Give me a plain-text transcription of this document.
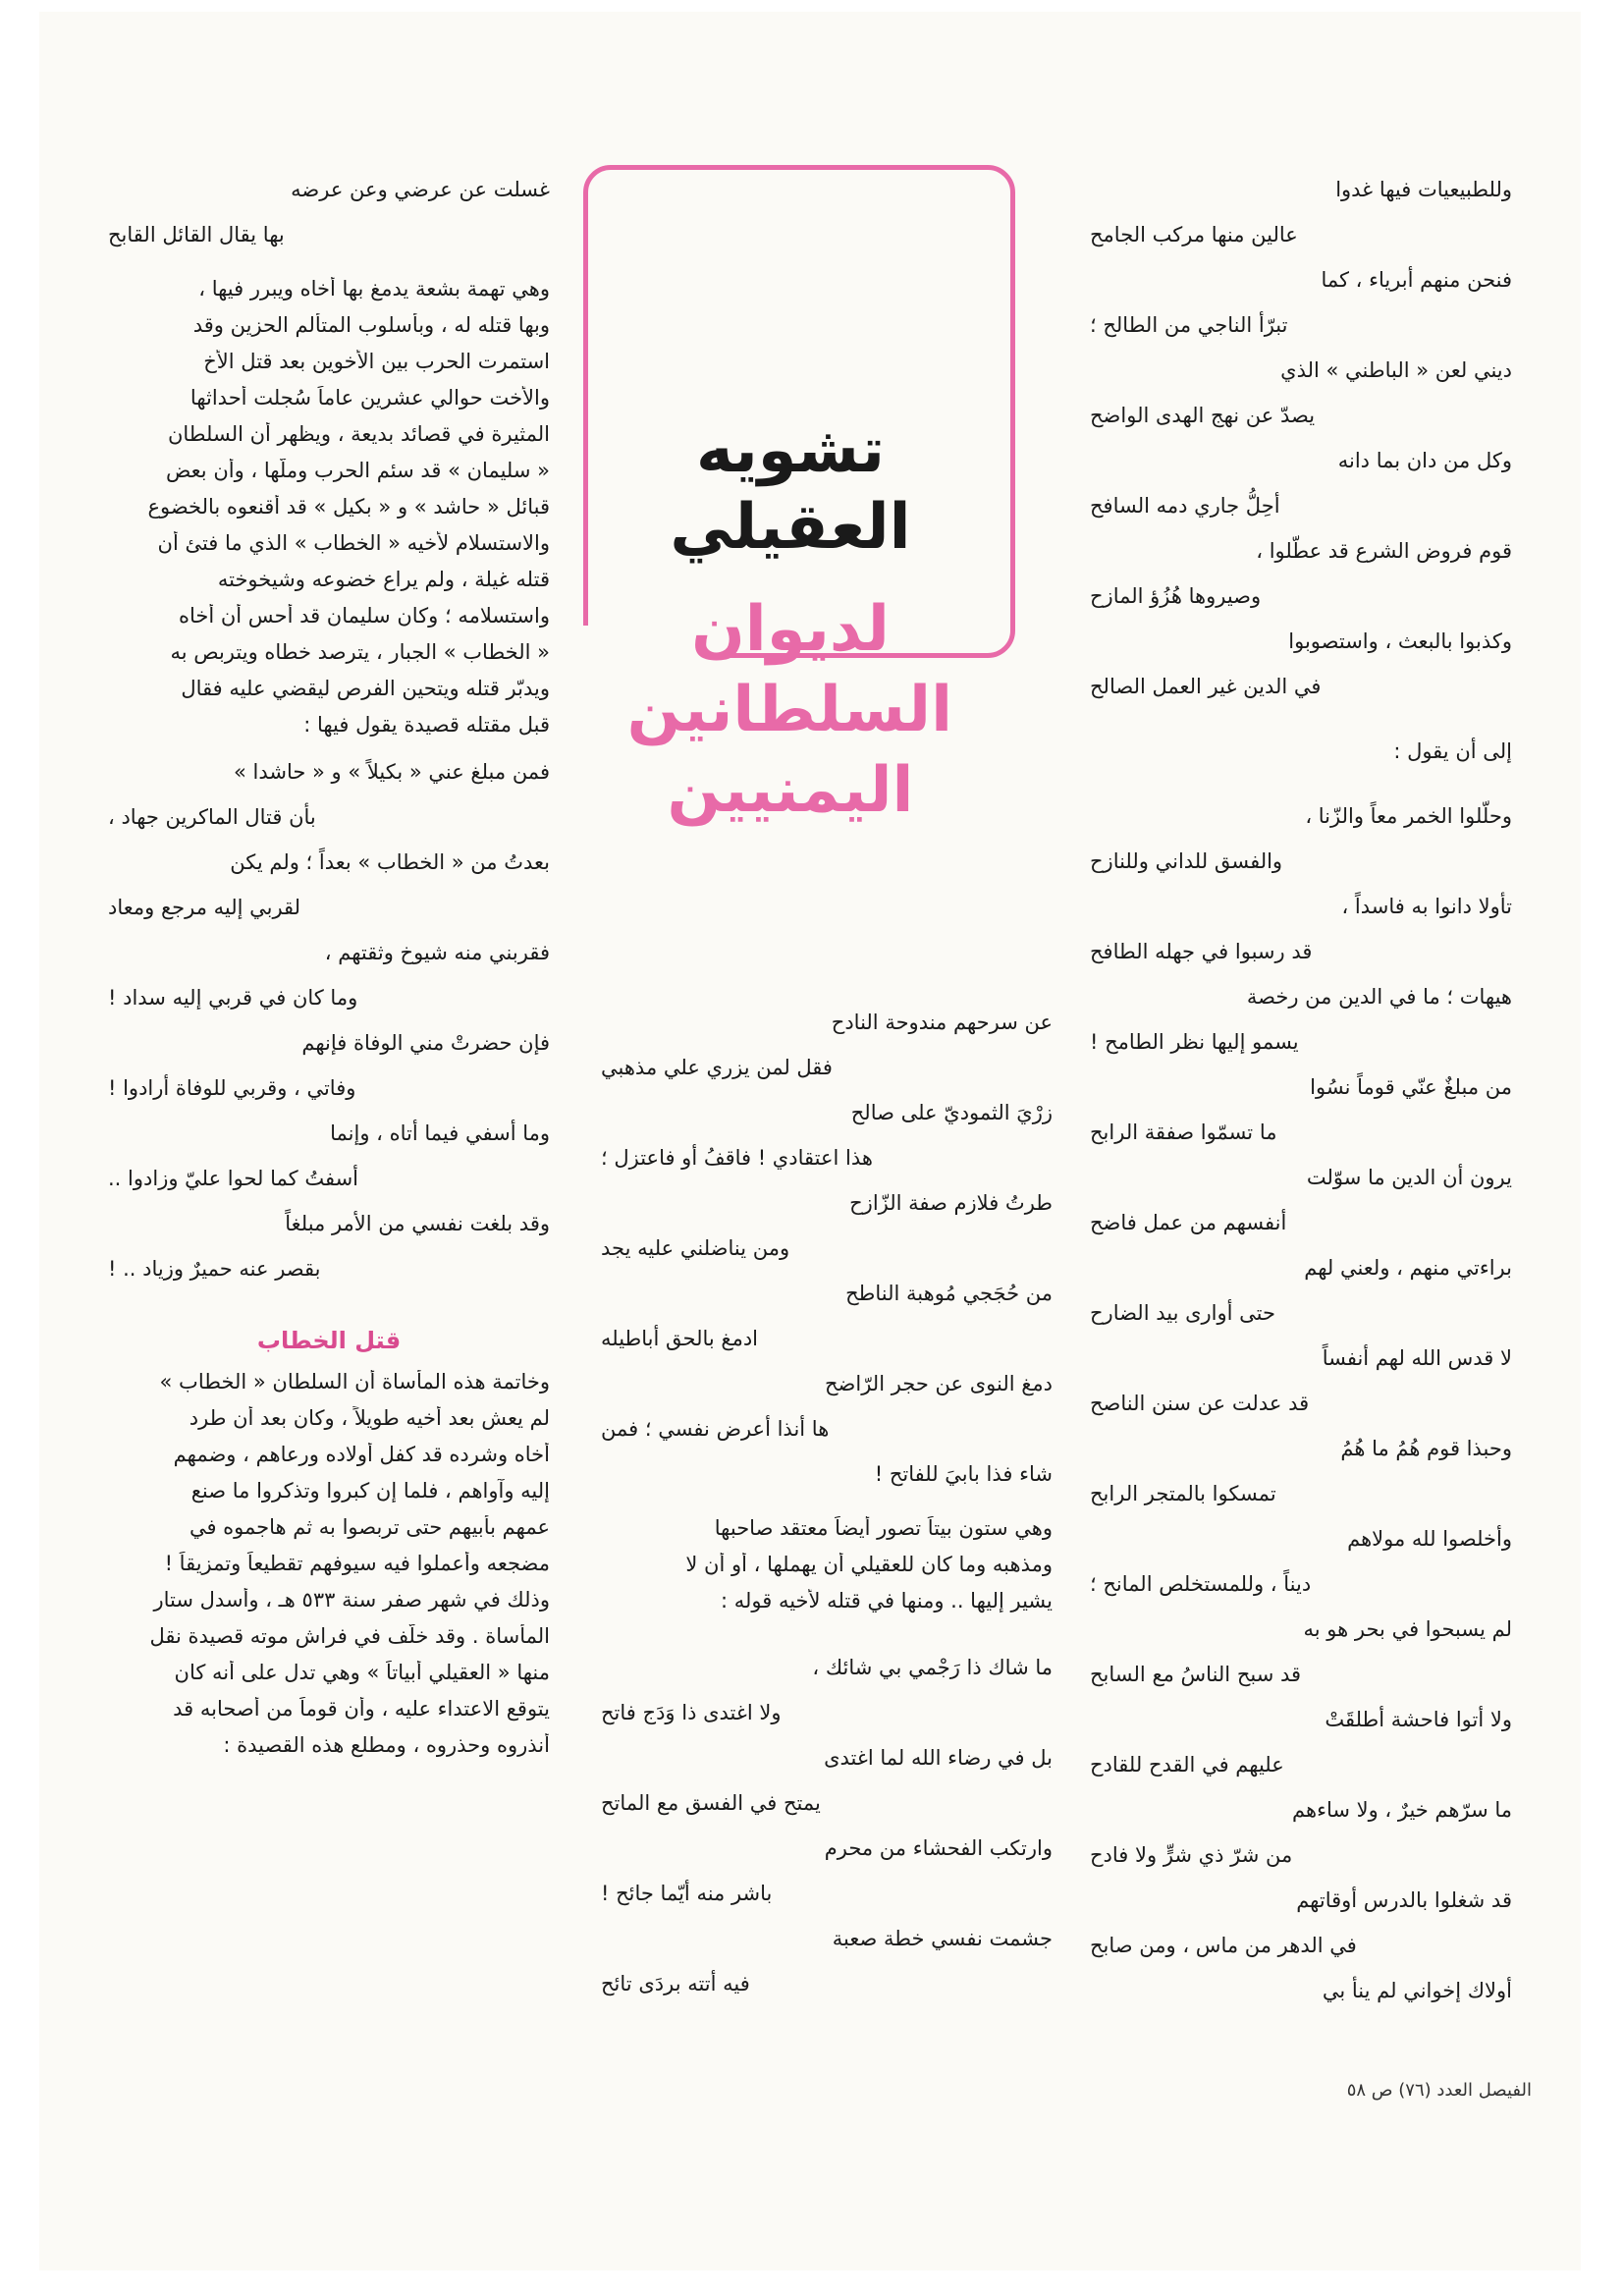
تشويه
العقيلي
لديوان
السلطانين
اليمنيين

وللطبيعيات فيها غدوا

عالين منها مركب الجامح

فنحن منهم أبرياء ، كما

تبرّأ الناجي من الطالح ؛

ديني لعن « الباطني » الذي

يصدّ عن نهج الهدى الواضح

وكل من دان بما دانه

أحِلُّ جاري دمه السافح

قوم فروض الشرع قد عطّلوا ،

وصيروها هُزُؤ المازح

وكذبوا بالبعث ، واستصوبوا

في الدين غير العمل الصالح

إلى أن يقول :

وحلّلوا الخمر معاً والزّنا ،

والفسق للداني وللنازح

تأولا دانوا به فاسداً ،

قد رسبوا في جهله الطافح

هيهات ؛ ما في الدين من رخصة

يسمو إليها نظر الطامح !

من مبلغٌ عنّي قوماً نسُوا

ما تسمّوا صفقة الرابح

يرون أن الدين ما سوّلت

أنفسهم من عمل فاضح

براءتي منهم ، ولعني لهم

حتى أوارى بيد الضارح

لا قدس الله لهم أنفساً

قد عدلت عن سنن الناصح

وحبذا قوم هُمُ ما هُمُ

تمسكوا بالمتجر الرابح

وأخلصوا لله مولاهم

ديناً ، وللمستخلص المانح ؛

لم يسبحوا في بحر هو به

قد سبح الناسُ مع السابح

ولا أتوا فاحشة أطلقَتْ

عليهم في القدح للقادح

ما سرّهم خيرٌ ، ولا ساءهم

من شرّ ذي شرٍّ ولا فادح

قد شغلوا بالدرس أوقاتهم

في الدهر من ماس ، ومن صابح

أولاك إخواني لم ينأ بي

عن سرحهم مندوحة النادح

فقل لمن يزري علي مذهبي

زرْيَ الثموديّ على صالح

هذا اعتقادي ! فاقفُ أو فاعتزل ؛

طرتُ فلازم صفة الزّازح

ومن يناضلني عليه يجد

من حُجَجي مُوهبة الناطح

ادمغ بالحق أباطيله

دمغ النوى عن حجر الرّاضح

ها أنذا أعرض نفسي ؛ فمن

شاء فذا بابيَ للفاتح !

وهي ستون بيتاً تصور أيضاً معتقد صاحبها
ومذهبه وما كان للعقيلي أن يهملها ، أو أن لا
يشير إليها .. ومنها في قتله لأخيه قوله :

ما شاك ذا رَجْمي بي شائك ،

ولا اغتدى ذا وَدَج فاتح

بل في رضاء الله لما اغتدى

يمتح في الفسق مع الماتح

وارتكب الفحشاء من محرم

باشر منه أيّما جائح !

جشمت نفسي خطة صعبة

فيه أتته بردَى تائح

غسلت عن عرضي وعن عرضه

بها يقال القائل القابح

وهي تهمة بشعة يدمغ بها أخاه ويبرر فيها ،
وبها قتله له ، وبأسلوب المتألم الحزين وقد
استمرت الحرب بين الأخوين بعد قتل الأخ
والأخت حوالي عشرين عاماً سُجلت أحداثها
المثيرة في قصائد بديعة ، ويظهر أن السلطان
« سليمان » قد سئم الحرب وملّها ، وأن بعض
قبائل « حاشد » و « بكيل » قد أقنعوه بالخضوع
والاستسلام لأخيه « الخطاب » الذي ما فتئ أن
قتله غيلة ، ولم يراع خضوعه وشيخوخته
واستسلامه ؛ وكان سليمان قد أحس أن أخاه
« الخطاب » الجبار ، يترصد خطاه ويتربص به
ويدبّر قتله ويتحين الفرص ليقضي عليه فقال
قبل مقتله قصيدة يقول فيها :

فمن مبلغ عني « بكيلاً » و « حاشدا »

بأن قتال الماكرين جهاد ،

بعدتُ من « الخطاب » بعداً ؛ ولم يكن

لقربي إليه مرجع ومعاد

فقربني منه شيوخ وثقتهم ،

وما كان في قربي إليه سداد !

فإن حضرتْ مني الوفاة فإنهم

وفاتي ، وقربي للوفاة أرادوا !

وما أسفي فيما أتاه ، وإنما

أسفتُ كما لحوا عليّ وزادوا ..

وقد بلغت نفسي من الأمر مبلغاً

بقصر عنه حميرٌ وزياد .. !

قتل الخطاب

وخاتمة هذه المأساة أن السلطان « الخطاب »
لم يعش بعد أخيه طويلاً ، وكان بعد أن طرد
أخاه وشرده قد كفل أولاده ورعاهم ، وضمهم
إليه وآواهم ، فلما إن كبروا وتذكروا ما صنع
عمهم بأبيهم حتى تربصوا به ثم هاجموه في
مضجعه وأعملوا فيه سيوفهم تقطيعاً وتمزيقاً !
وذلك في شهر صفر سنة ٥٣٣ هـ ، وأسدل ستار
المأساة . وقد خلّف في فراش موته قصيدة نقل
منها « العقيلي أبياتاً » وهي تدل على أنه كان
يتوقع الاعتداء عليه ، وأن قوماً من أصحابه قد
أنذروه وحذروه ، ومطلع هذه القصيدة :
الفيصل العدد (٧٦) ص ٥٨
